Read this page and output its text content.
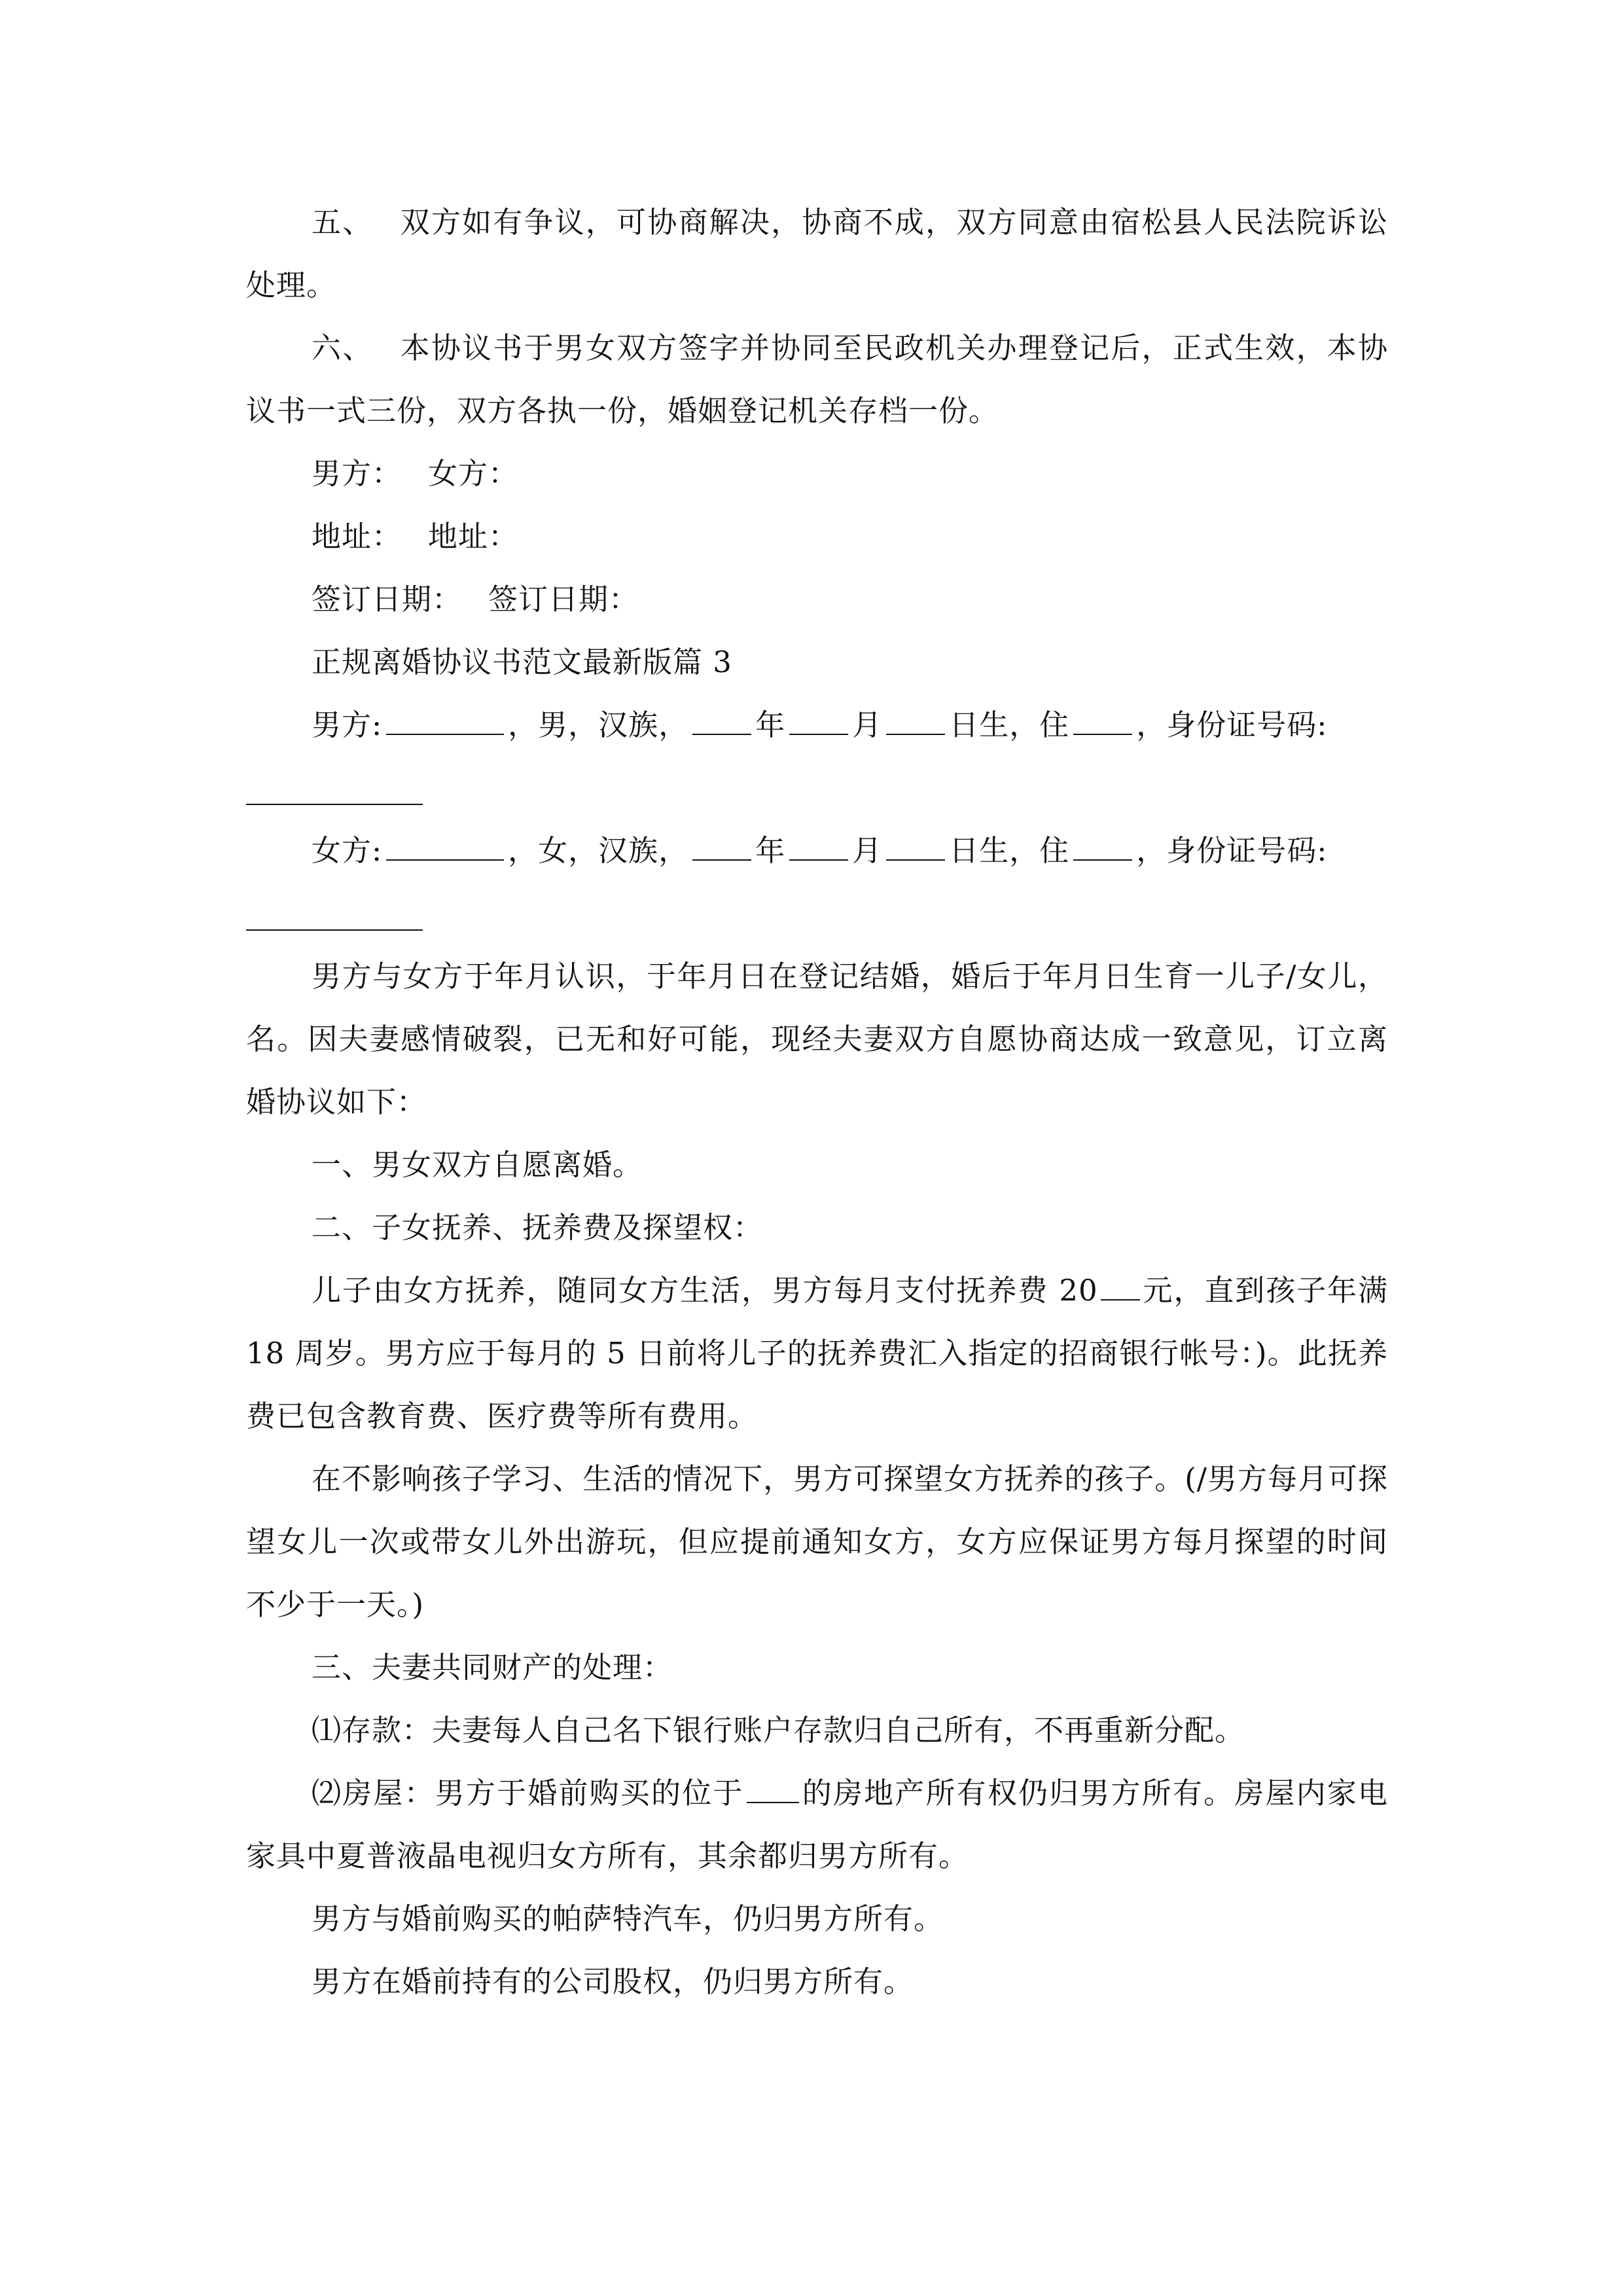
五、 双方如有争议，可协商解决，协商不成，双方同意由宿松县人民法院诉讼处理。

六、 本协议书于男女双方签字并协同至民政机关办理登记后，正式生效，本协议书一式三份，双方各执一份，婚姻登记机关存档一份。

男方： 女方：

地址： 地址：

签订日期： 签订日期：

正规离婚协议书范文最新版篇 3

男方:	，男，汉族， 年 月 日生，住 ，身份证号码:

女方:	，女，汉族， 年 月 日生，住 ，身份证号码:

男方与女方于年月认识，于年月日在登记结婚，婚后于年月日生育一儿子/女儿，名。因夫妻感情破裂，已无和好可能，现经夫妻双方自愿协商达成一致意见，订立离婚协议如下：

一、男女双方自愿离婚。

二、子女抚养、抚养费及探望权：

儿子由女方抚养，随同女方生活，男方每月支付抚养费 20 元，直到孩子年满 18 周岁。男方应于每月的 5 日前将儿子的抚养费汇入指定的招商银行帐号：)。此抚养费已包含教育费、医疗费等所有费用。

在不影响孩子学习、生活的情况下，男方可探望女方抚养的孩子。(/男方每月可探望女儿一次或带女儿外出游玩，但应提前通知女方，女方应保证男方每月探望的时间不少于一天。)

三、夫妻共同财产的处理：

⑴存款：夫妻每人自己名下银行账户存款归自己所有，不再重新分配。

⑵房屋：男方于婚前购买的位于 的房地产所有权仍归男方所有。房屋内家电家具中夏普液晶电视归女方所有，其余都归男方所有。

男方与婚前购买的帕萨特汽车，仍归男方所有。

男方在婚前持有的公司股权，仍归男方所有。
